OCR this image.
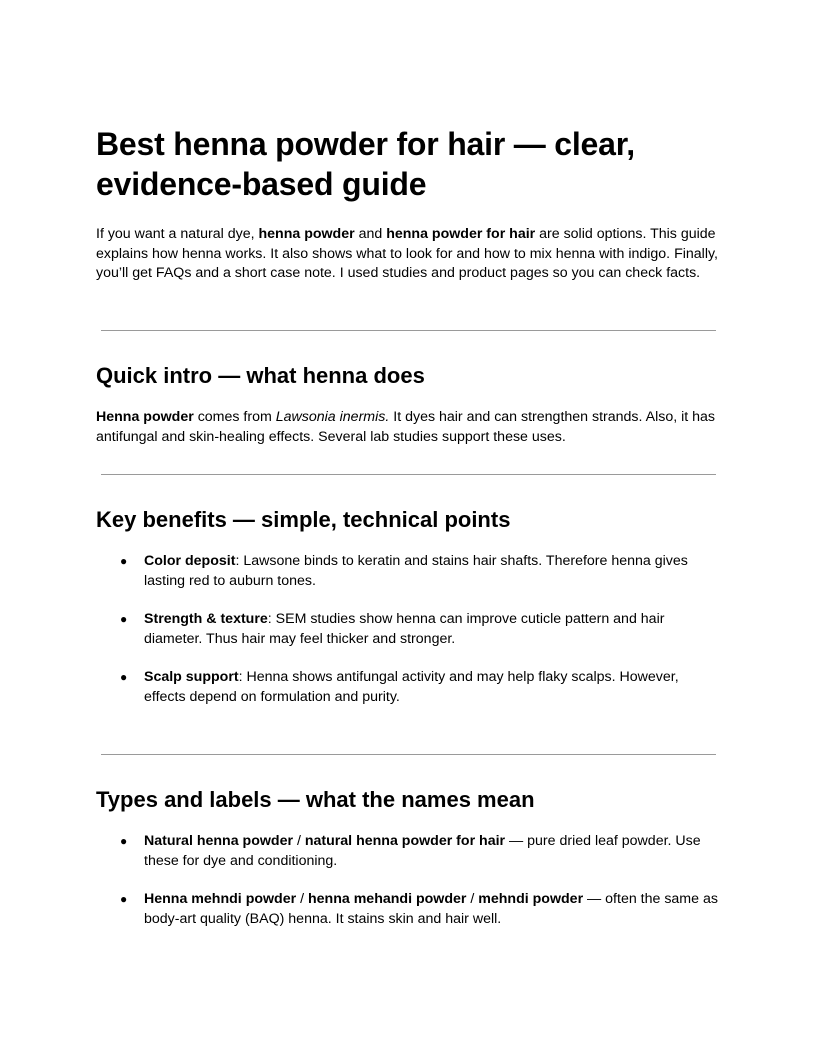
Best henna powder for hair — clear, evidence-based guide

If you want a natural dye, henna powder and henna powder for hair are solid options. This guide explains how henna works. It also shows what to look for and how to mix henna with indigo. Finally, you’ll get FAQs and a short case note. I used studies and product pages so you can check facts.

Quick intro — what henna does

Henna powder comes from Lawsonia inermis. It dyes hair and can strengthen strands. Also, it has antifungal and skin-healing effects. Several lab studies support these uses.

Key benefits — simple, technical points
● Color deposit: Lawsone binds to keratin and stains hair shafts. Therefore henna gives lasting red to auburn tones.
● Strength & texture: SEM studies show henna can improve cuticle pattern and hair diameter. Thus hair may feel thicker and stronger.
● Scalp support: Henna shows antifungal activity and may help flaky scalps. However, effects depend on formulation and purity.
Types and labels — what the names mean
● Natural henna powder / natural henna powder for hair — pure dried leaf powder. Use these for dye and conditioning.
● Henna mehndi powder / henna mehandi powder / mehndi powder — often the same as body-art quality (BAQ) henna. It stains skin and hair well.
